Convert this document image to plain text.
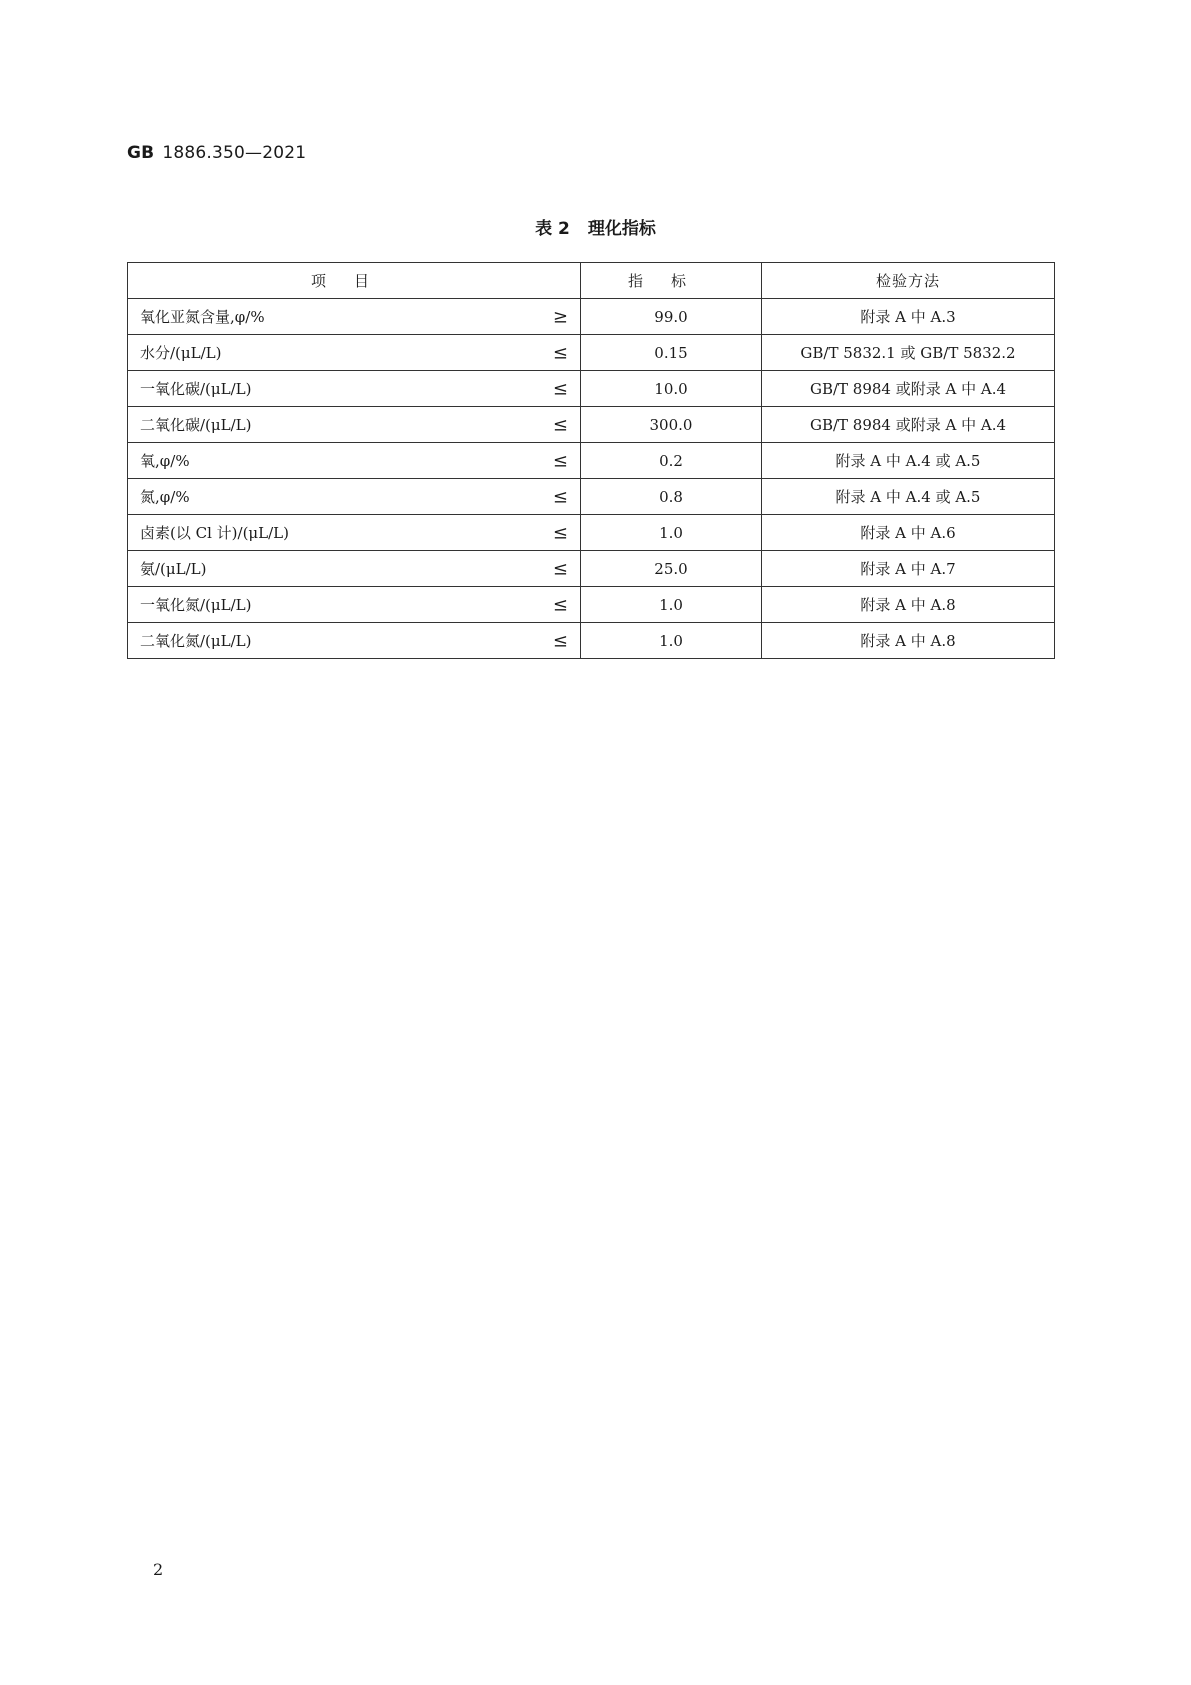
GB 1886.350—2021
表 2 理化指标
项目	指标	检验方法
氧化亚氮含量,φ/% ≥	99.0	附录 A 中 A.3
水分/(μL/L) ≤	0.15	GB/T 5832.1 或 GB/T 5832.2
一氧化碳/(μL/L) ≤	10.0	GB/T 8984 或附录 A 中 A.4
二氧化碳/(μL/L) ≤	300.0	GB/T 8984 或附录 A 中 A.4
氧,φ/% ≤	0.2	附录 A 中 A.4 或 A.5
氮,φ/% ≤	0.8	附录 A 中 A.4 或 A.5
卤素(以 Cl 计)/(μL/L) ≤	1.0	附录 A 中 A.6
氨/(μL/L) ≤	25.0	附录 A 中 A.7
一氧化氮/(μL/L) ≤	1.0	附录 A 中 A.8
二氧化氮/(μL/L) ≤	1.0	附录 A 中 A.8
2
